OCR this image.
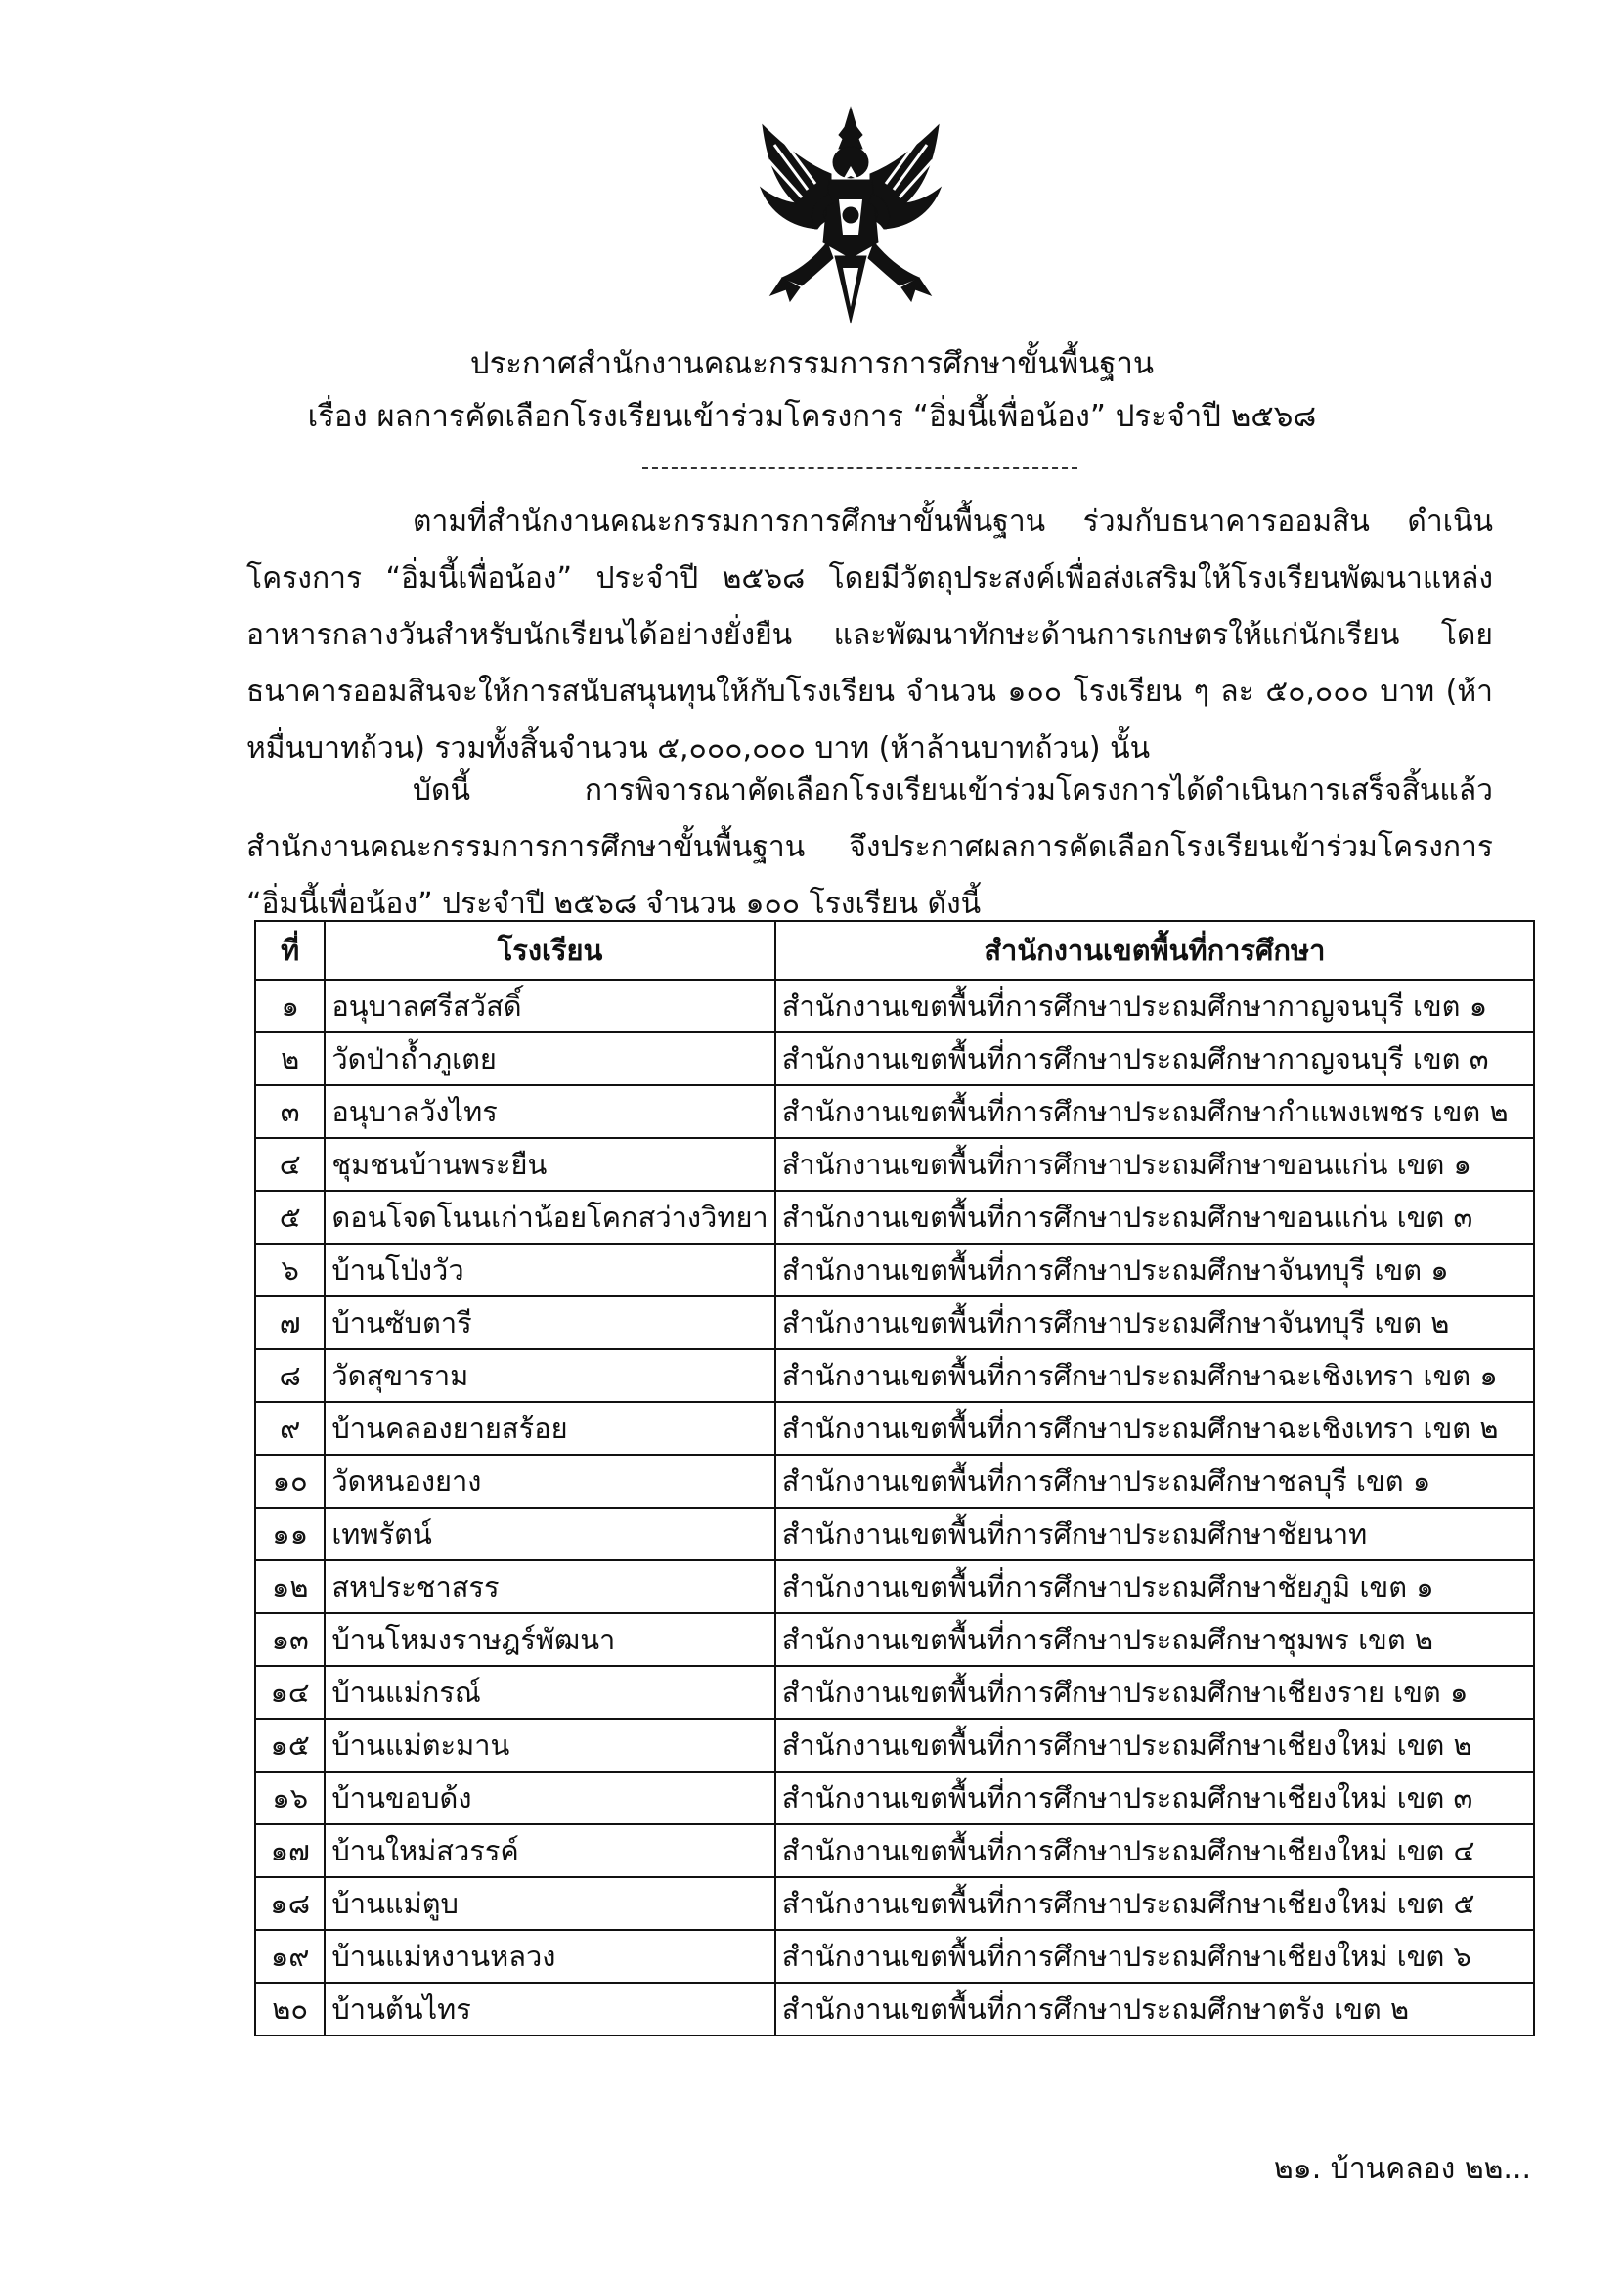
ประกาศสำนักงานคณะกรรมการการศึกษาขั้นพื้นฐาน
เรื่อง ผลการคัดเลือกโรงเรียนเข้าร่วมโครงการ “อิ่มนี้เพื่อน้อง” ประจำปี ๒๕๖๘

ตามที่สำนักงานคณะกรรมการการศึกษาขั้นพื้นฐาน ร่วมกับธนาคารออมสิน ดำเนินโครงการ “อิ่มนี้เพื่อน้อง” ประจำปี ๒๕๖๘ โดยมีวัตถุประสงค์เพื่อส่งเสริมให้โรงเรียนพัฒนาแหล่งอาหารกลางวันสำหรับนักเรียนได้อย่างยั่งยืน และพัฒนาทักษะด้านการเกษตรให้แก่นักเรียน โดยธนาคารออมสินจะให้การสนับสนุนทุนให้กับโรงเรียน จำนวน ๑๐๐ โรงเรียน ๆ ละ ๕๐,๐๐๐ บาท (ห้าหมื่นบาทถ้วน) รวมทั้งสิ้นจำนวน ๕,๐๐๐,๐๐๐ บาท (ห้าล้านบาทถ้วน) นั้น

บัดนี้ การพิจารณาคัดเลือกโรงเรียนเข้าร่วมโครงการได้ดำเนินการเสร็จสิ้นแล้ว สำนักงานคณะกรรมการการศึกษาขั้นพื้นฐาน จึงประกาศผลการคัดเลือกโรงเรียนเข้าร่วมโครงการ “อิ่มนี้เพื่อน้อง” ประจำปี ๒๕๖๘ จำนวน ๑๐๐ โรงเรียน ดังนี้

ที่	โรงเรียน	สำนักงานเขตพื้นที่การศึกษา
๑	อนุบาลศรีสวัสดิ์	สำนักงานเขตพื้นที่การศึกษาประถมศึกษากาญจนบุรี เขต ๑
๒	วัดป่าถ้ำภูเตย	สำนักงานเขตพื้นที่การศึกษาประถมศึกษากาญจนบุรี เขต ๓
๓	อนุบาลวังไทร	สำนักงานเขตพื้นที่การศึกษาประถมศึกษากำแพงเพชร เขต ๒
๔	ชุมชนบ้านพระยืน	สำนักงานเขตพื้นที่การศึกษาประถมศึกษาขอนแก่น เขต ๑
๕	ดอนโจดโนนเก่าน้อยโคกสว่างวิทยา	สำนักงานเขตพื้นที่การศึกษาประถมศึกษาขอนแก่น เขต ๓
๖	บ้านโป่งวัว	สำนักงานเขตพื้นที่การศึกษาประถมศึกษาจันทบุรี เขต ๑
๗	บ้านซับตารี	สำนักงานเขตพื้นที่การศึกษาประถมศึกษาจันทบุรี เขต ๒
๘	วัดสุขาราม	สำนักงานเขตพื้นที่การศึกษาประถมศึกษาฉะเชิงเทรา เขต ๑
๙	บ้านคลองยายสร้อย	สำนักงานเขตพื้นที่การศึกษาประถมศึกษาฉะเชิงเทรา เขต ๒
๑๐	วัดหนองยาง	สำนักงานเขตพื้นที่การศึกษาประถมศึกษาชลบุรี เขต ๑
๑๑	เทพรัตน์	สำนักงานเขตพื้นที่การศึกษาประถมศึกษาชัยนาท
๑๒	สหประชาสรร	สำนักงานเขตพื้นที่การศึกษาประถมศึกษาชัยภูมิ เขต ๑
๑๓	บ้านโหมงราษฎร์พัฒนา	สำนักงานเขตพื้นที่การศึกษาประถมศึกษาชุมพร เขต ๒
๑๔	บ้านแม่กรณ์	สำนักงานเขตพื้นที่การศึกษาประถมศึกษาเชียงราย เขต ๑
๑๕	บ้านแม่ตะมาน	สำนักงานเขตพื้นที่การศึกษาประถมศึกษาเชียงใหม่ เขต ๒
๑๖	บ้านขอบด้ง	สำนักงานเขตพื้นที่การศึกษาประถมศึกษาเชียงใหม่ เขต ๓
๑๗	บ้านใหม่สวรรค์	สำนักงานเขตพื้นที่การศึกษาประถมศึกษาเชียงใหม่ เขต ๔
๑๘	บ้านแม่ตูบ	สำนักงานเขตพื้นที่การศึกษาประถมศึกษาเชียงใหม่ เขต ๕
๑๙	บ้านแม่หงานหลวง	สำนักงานเขตพื้นที่การศึกษาประถมศึกษาเชียงใหม่ เขต ๖
๒๐	บ้านต้นไทร	สำนักงานเขตพื้นที่การศึกษาประถมศึกษาตรัง เขต ๒
๒๑. บ้านคลอง ๒๒...
